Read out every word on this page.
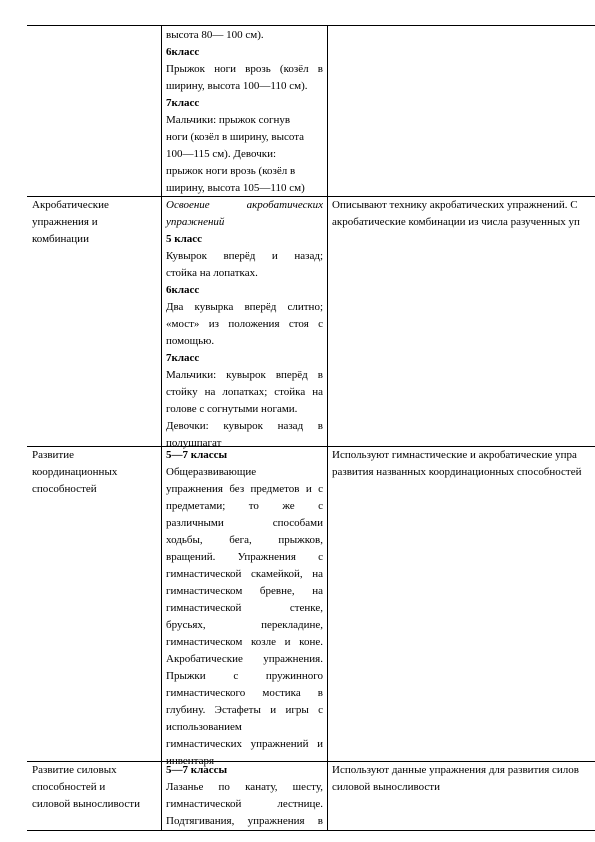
высота 80— 100 см).

6класс

Прыжок ноги врозь (козёл в

ширину, высота 100—110 см).

7класс

Мальчики: прыжок согнув

ноги (козёл в ширину, высота

100—115 см). Девочки:

прыжок ноги врозь (козёл в

ширину, высота 105—110 см)

Акробатические

упражнения и

комбинации

Освоение акробатических

упражнений

5 класс

Кувырок вперёд и назад;

стойка на лопатках.

6класс

Два кувырка вперёд слитно;

«мост» из положения стоя с

помощью.

7класс

Мальчики: кувырок вперёд в

стойку на лопатках; стойка на

голове с согнутыми ногами.

Девочки: кувырок назад в

полушпагат

Описывают технику акробатических упражнений. С

акробатические комбинации из числа разученных уп

Развитие

координационных

способностей

5—7 классы

Общеразвивающие

упражнения без предметов и с

предметами; то же с

различными способами

ходьбы, бега, прыжков,

вращений. Упражнения с

гимнастической скамейкой, на

гимнастическом бревне, на

гимнастической стенке,

брусьях, перекладине,

гимнастическом козле и коне.

Акробатические упражнения.

Прыжки с пружинного

гимнастического мостика в

глубину. Эстафеты и игры с

использованием

гимнастических упражнений и

инвентаря

Используют гимнастические и акробатические упра

развития названных координационных способностей

Развитие силовых

способностей и

силовой выносливости

5—7 классы

Лазанье по канату, шесту,

гимнастической лестнице.

Подтягивания, упражнения в

Используют данные упражнения для развития силов

силовой выносливости
